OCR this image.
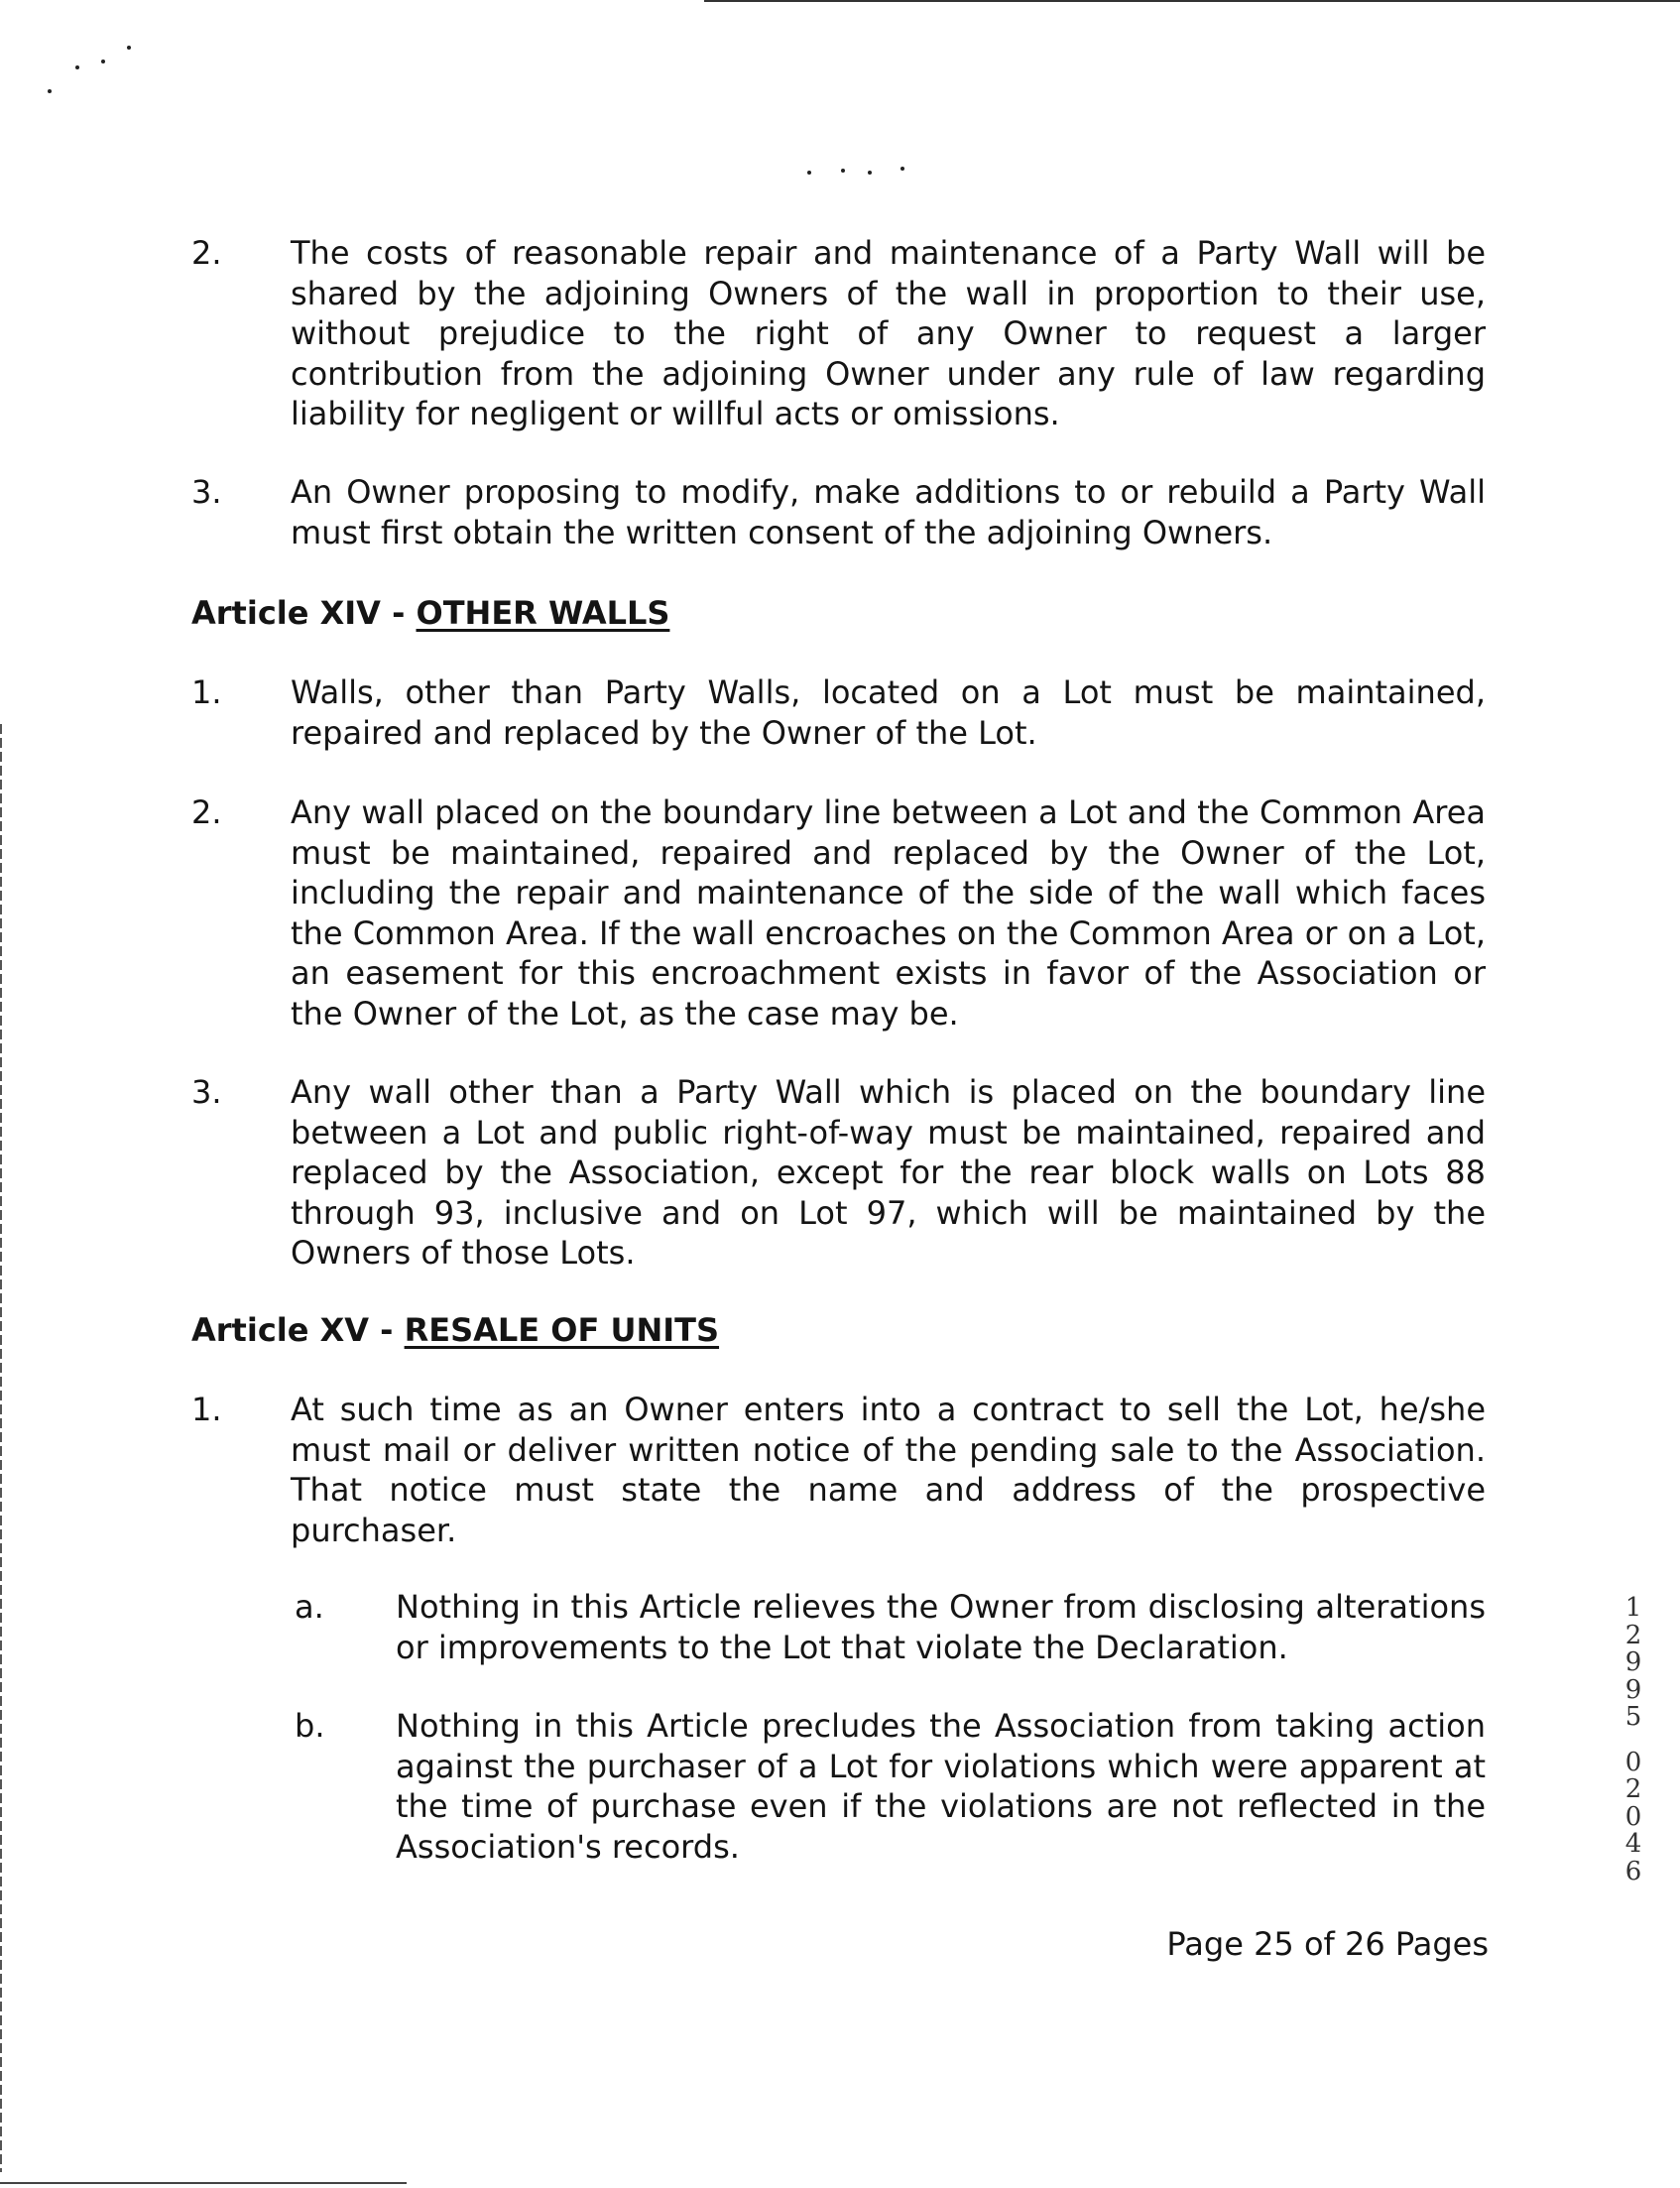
2. The costs of reasonable repair and maintenance of a Party Wall will be shared by the adjoining Owners of the wall in proportion to their use, without prejudice to the right of any Owner to request a larger contribution from the adjoining Owner under any rule of law regarding liability for negligent or willful acts or omissions.

3. An Owner proposing to modify, make additions to or rebuild a Party Wall must first obtain the written consent of the adjoining Owners.

Article XIV - OTHER WALLS
1. Walls, other than Party Walls, located on a Lot must be maintained, repaired and replaced by the Owner of the Lot.

2. Any wall placed on the boundary line between a Lot and the Common Area must be maintained, repaired and replaced by the Owner of the Lot, including the repair and maintenance of the side of the wall which faces the Common Area. If the wall encroaches on the Common Area or on a Lot, an easement for this encroachment exists in favor of the Association or the Owner of the Lot, as the case may be.

3. Any wall other than a Party Wall which is placed on the boundary line between a Lot and public right-of-way must be maintained, repaired and replaced by the Association, except for the rear block walls on Lots 88 through 93, inclusive and on Lot 97, which will be maintained by the Owners of those Lots.

Article XV - RESALE OF UNITS
1. At such time as an Owner enters into a contract to sell the Lot, he/she must mail or deliver written notice of the pending sale to the Association. That notice must state the name and address of the prospective purchaser.

a. Nothing in this Article relieves the Owner from disclosing alterations or improvements to the Lot that violate the Declaration.
b. Nothing in this Article precludes the Association from taking action against the purchaser of a Lot for violations which were apparent at the time of purchase even if the violations are not reflected in the Association's records.
Page 25 of 26 Pages
1
2
9
9
5
0
2
0
4
6
